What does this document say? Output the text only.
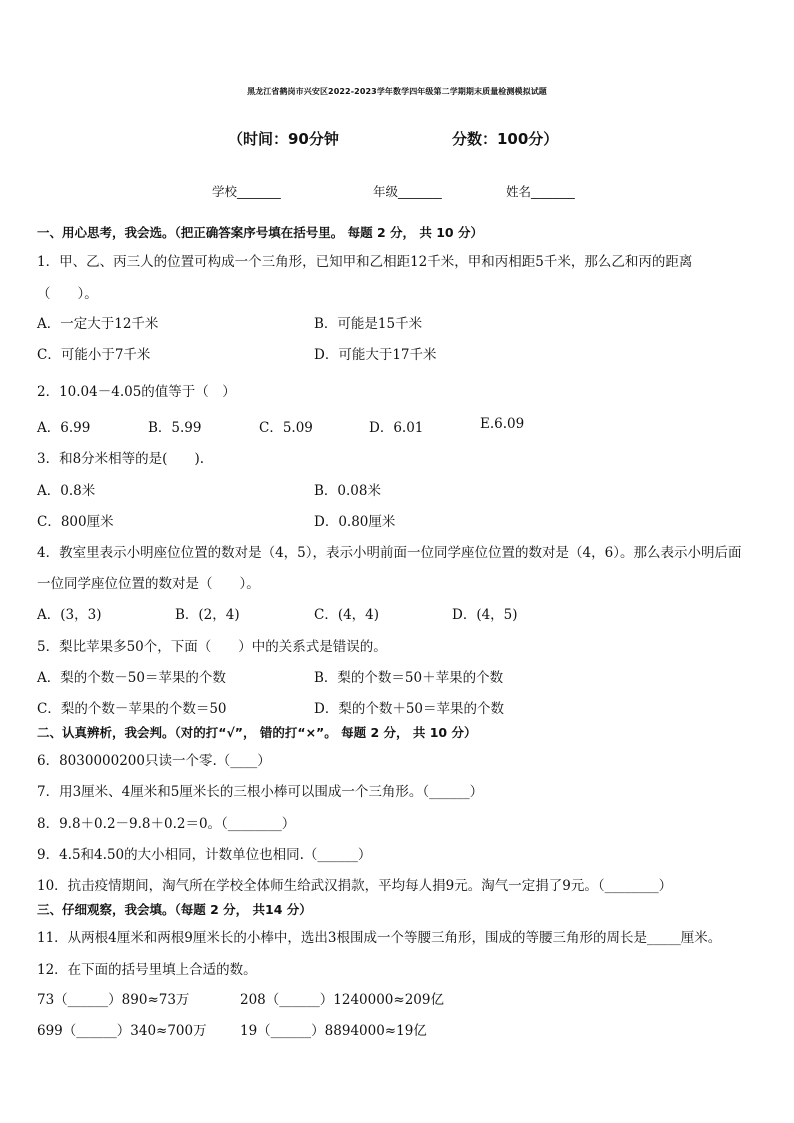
黑龙江省鹤岗市兴安区2022-2023学年数学四年级第二学期期末质量检测模拟试题
（时间：90分钟	分数：100分）
学校_______	年级_______	姓名_______
一、用心思考，我会选。（把正确答案序号填在括号里。 每题 2 分， 共 10 分）
1．甲、乙、丙三人的位置可构成一个三角形，已知甲和乙相距12千米，甲和丙相距5千米，那么乙和丙的距离
（　　）。
A．一定大于12千米	B．可能是15千米
C．可能小于7千米	D．可能大于17千米
2．10.04－4.05的值等于（　）
A．6.99	B．5.99	C．5.09	D．6.01	E.6.09
3．和8分米相等的是(　　).
A．0.8米	B．0.08米
C．800厘米	D．0.80厘米
4．教室里表示小明座位位置的数对是（4，5），表示小明前面一位同学座位位置的数对是（4，6）。那么表示小明后面
一位同学座位位置的数对是（　　）。
A．(3，3)	B．(2，4)	C．(4，4)	D．(4，5)
5．梨比苹果多50个，下面（　　）中的关系式是错误的。
A．梨的个数－50＝苹果的个数	B．梨的个数＝50＋苹果的个数
C．梨的个数－苹果的个数＝50	D．梨的个数＋50＝苹果的个数
二、认真辨析，我会判。（对的打“√”， 错的打“×”。 每题 2 分， 共 10 分）
6．8030000200只读一个零.（____）
7．用3厘米、4厘米和5厘米长的三根小棒可以围成一个三角形。（______）
8．9.8＋0.2－9.8＋0.2＝0。（________）
9．4.5和4.50的大小相同，计数单位也相同.（______）
10．抗击疫情期间，淘气所在学校全体师生给武汉捐款，平均每人捐9元。淘气一定捐了9元。（________）
三、仔细观察，我会填。（每题 2 分， 共14 分）
11．从两根4厘米和两根9厘米长的小棒中，选出3根围成一个等腰三角形，围成的等腰三角形的周长是_____厘米。
12．在下面的括号里填上合适的数。
73（______）890≈73万	208（______）1240000≈209亿
699（______）340≈700万 19（______）8894000≈19亿
